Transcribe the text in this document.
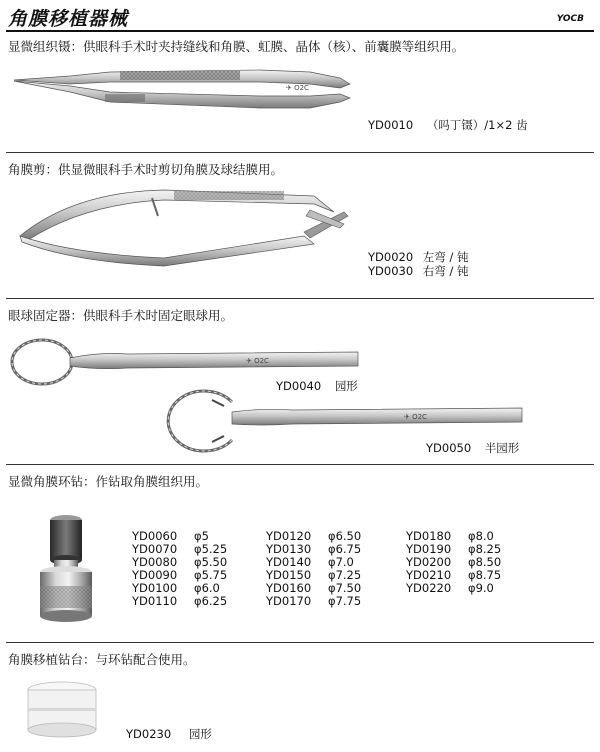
角膜移植器械	YOCB
显微组织镊：供眼科手术时夹持缝线和角膜、虹膜、晶体（核）、前囊膜等组织用。
✈ O2C
YD0010 （吗丁镊）/1×2 齿
角膜剪：供显微眼科手术时剪切角膜及球结膜用。
YD0020 左弯 / 钝
YD0030 右弯 / 钝
眼球固定器：供眼科手术时固定眼球用。
✈ O2C
YD0040 园形
✈ O2C
YD0050 半园形
显微角膜环钻：作钻取角膜组织用。
YD0060 φ5
YD0070 φ5.25
YD0080 φ5.50
YD0090 φ5.75
YD0100 φ6.0
YD0110 φ6.25
YD0120 φ6.50
YD0130 φ6.75
YD0140 φ7.0
YD0150 φ7.25
YD0160 φ7.50
YD0170 φ7.75
YD0180 φ8.0
YD0190 φ8.25
YD0200 φ8.50
YD0210 φ8.75
YD0220 φ9.0
角膜移植钻台：与环钻配合使用。
YD0230 园形
